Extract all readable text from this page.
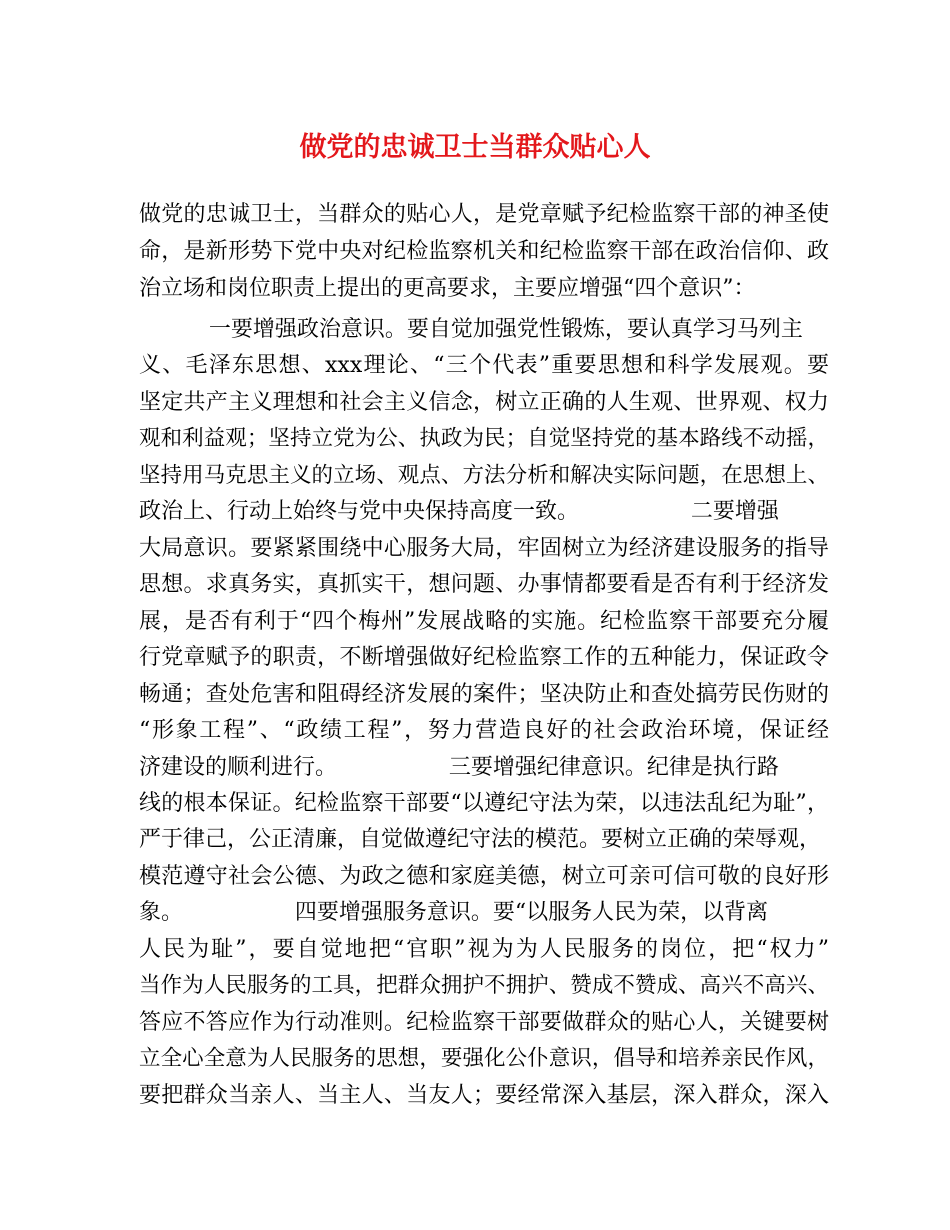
做党的忠诚卫士当群众贴心人
做党的忠诚卫士，当群众的贴心人，是党章赋予纪检监察干部的神圣使
命，是新形势下党中央对纪检监察机关和纪检监察干部在政治信仰、政
治立场和岗位职责上提出的更高要求，主要应增强“四个意识”：
一要增强政治意识。要自觉加强党性锻炼，要认真学习马列主
义、毛泽东思想、xxx理论、“三个代表”重要思想和科学发展观。要
坚定共产主义理想和社会主义信念，树立正确的人生观、世界观、权力
观和利益观；坚持立党为公、执政为民；自觉坚持党的基本路线不动摇，
坚持用马克思主义的立场、观点、方法分析和解决实际问题，在思想上、
政治上、行动上始终与党中央保持高度一致。                二要增强
大局意识。要紧紧围绕中心服务大局，牢固树立为经济建设服务的指导
思想。求真务实，真抓实干，想问题、办事情都要看是否有利于经济发
展，是否有利于“四个梅州”发展战略的实施。纪检监察干部要充分履
行党章赋予的职责，不断增强做好纪检监察工作的五种能力，保证政令
畅通；查处危害和阻碍经济发展的案件；坚决防止和查处搞劳民伤财的
“形象工程”、“政绩工程”，努力营造良好的社会政治环境，保证经
济建设的顺利进行。                三要增强纪律意识。纪律是执行路
线的根本保证。纪检监察干部要“以遵纪守法为荣，以违法乱纪为耻”，
严于律己，公正清廉，自觉做遵纪守法的模范。要树立正确的荣辱观，
模范遵守社会公德、为政之德和家庭美德，树立可亲可信可敬的良好形
象。                四要增强服务意识。要“以服务人民为荣，以背离
人民为耻”，要自觉地把“官职”视为为人民服务的岗位，把“权力”
当作为人民服务的工具，把群众拥护不拥护、赞成不赞成、高兴不高兴、
答应不答应作为行动准则。纪检监察干部要做群众的贴心人，关键要树
立全心全意为人民服务的思想，要强化公仆意识，倡导和培养亲民作风，
要把群众当亲人、当主人、当友人；要经常深入基层，深入群众，深入
